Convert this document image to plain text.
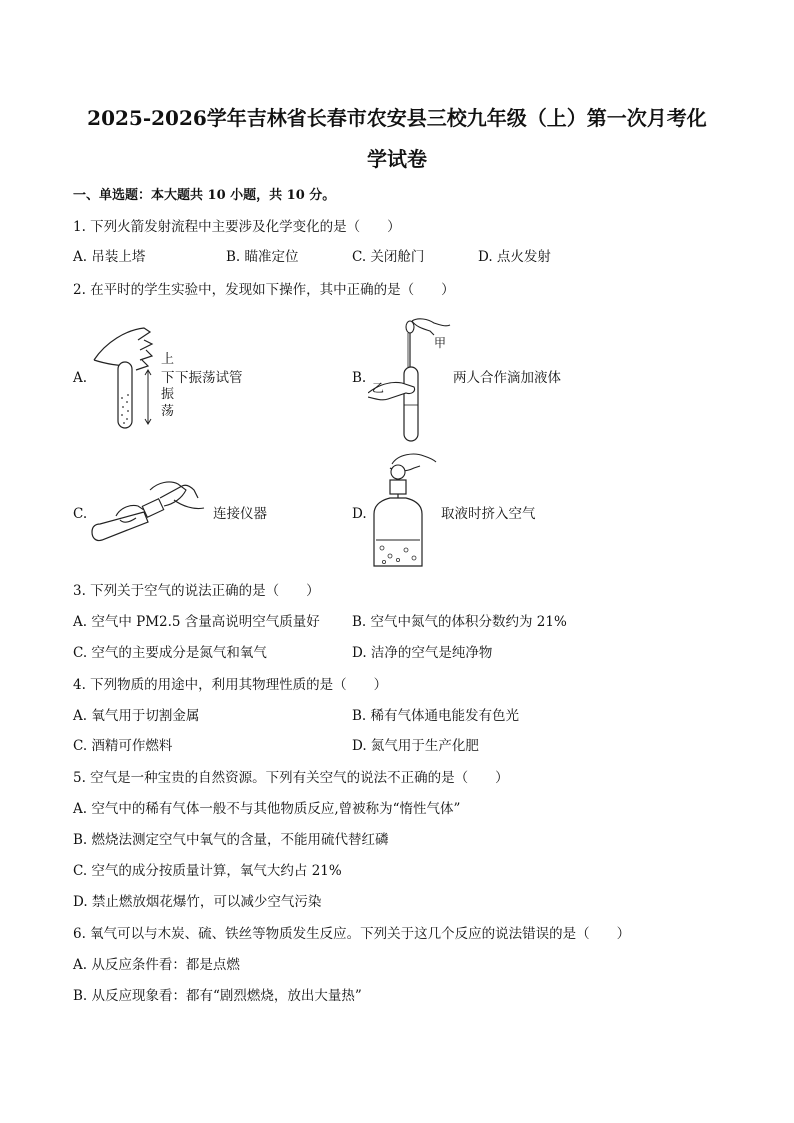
2025-2026学年吉林省长春市农安县三校九年级（上）第一次月考化
学试卷
一、单选题：本大题共 10 小题，共 10 分。
1. 下列火箭发射流程中主要涉及化学变化的是（　　）
A. 吊装上塔	B. 瞄准定位	C. 关闭舱门	D. 点火发射
2. 在平时的学生实验中，发现如下操作，其中正确的是（　　）
A.
上
下 下振荡试管
振
荡
B.
甲
乙
两人合作滴加液体
C.	连接仪器	D.	取液时挤入空气
3. 下列关于空气的说法正确的是（　　）
A. 空气中 PM2.5 含量高说明空气质量好 B. 空气中氮气的体积分数约为 21%
C. 空气的主要成分是氮气和氧气	D. 洁净的空气是纯净物
4. 下列物质的用途中，利用其物理性质的是（　　）
A. 氧气用于切割金属	B. 稀有气体通电能发有色光
C. 酒精可作燃料	D. 氮气用于生产化肥
5. 空气是一种宝贵的自然资源。下列有关空气的说法不正确的是（　　）
A. 空气中的稀有气体一般不与其他物质反应,曾被称为“惰性气体”
B. 燃烧法测定空气中氧气的含量，不能用硫代替红磷
C. 空气的成分按质量计算，氧气大约占 21%
D. 禁止燃放烟花爆竹，可以减少空气污染
6. 氧气可以与木炭、硫、铁丝等物质发生反应。下列关于这几个反应的说法错误的是（　　）
A. 从反应条件看：都是点燃
B. 从反应现象看：都有“剧烈燃烧，放出大量热”
